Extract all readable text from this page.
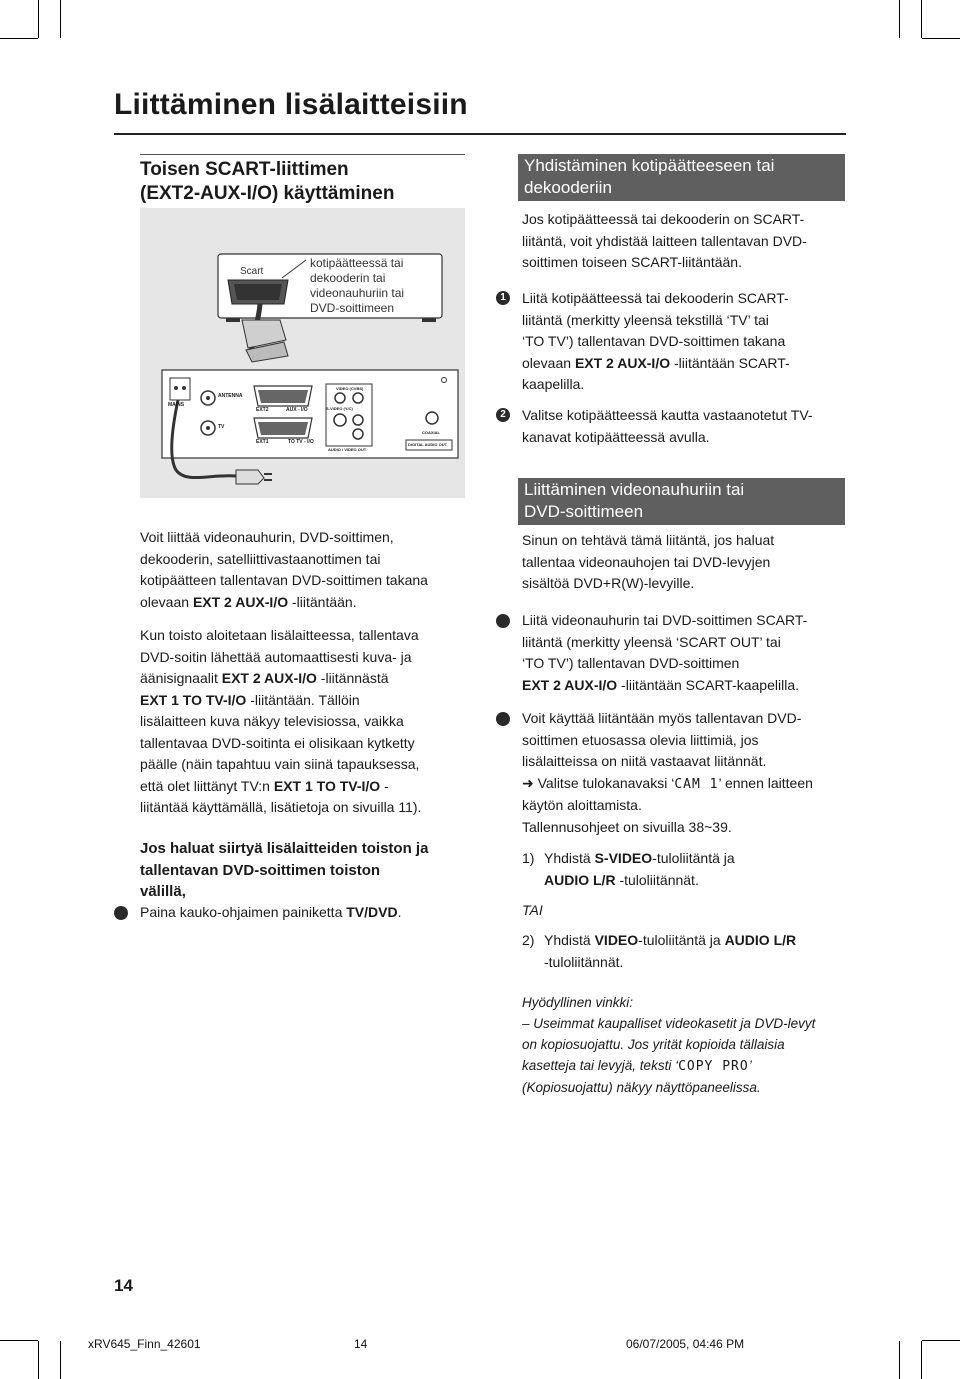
Liittäminen lisälaitteisiin
Toisen SCART-liittimen
(EXT2-AUX-I/O) käyttäminen
Scart
kotipäätteessä tai
dekooderin tai
videonauhuriin tai
DVD-soittimeen
MAINS
ANTENNA
TV
EXT2	AUX - I/O
EXT1	TO TV - I/O
VIDEO (CVBS)
S-VIDEO (Y/C)
AUDIO / VIDEO OUT
COAXIAL
DIGITAL AUDIO OUT
Voit liittää videonauhurin, DVD-soittimen,
dekooderin, satelliittivastaanottimen tai
kotipäätteen tallentavan DVD-soittimen takana
olevaan EXT 2 AUX-I/O -liitäntään.
Kun toisto aloitetaan lisälaitteessa, tallentava
DVD-soitin lähettää automaattisesti kuva- ja
äänisignaalit EXT 2 AUX-I/O -liitännästä
EXT 1 TO TV-I/O -liitäntään. Tällöin
lisälaitteen kuva näkyy televisiossa, vaikka
tallentavaa DVD-soitinta ei olisikaan kytketty
päälle (näin tapahtuu vain siinä tapauksessa,
että olet liittänyt TV:n EXT 1 TO TV-I/O -
liitäntää käyttämällä, lisätietoja on sivuilla 11).
Jos haluat siirtyä lisälaitteiden toiston ja
tallentavan DVD-soittimen toiston
välillä,
Paina kauko-ohjaimen painiketta TV/DVD.
Yhdistäminen kotipäätteeseen tai
dekooderiin
Jos kotipäätteessä tai dekooderin on SCART-
liitäntä, voit yhdistää laitteen tallentavan DVD-
soittimen toiseen SCART-liitäntään.
1	Liitä kotipäätteessä tai dekooderin SCART-
liitäntä (merkitty yleensä tekstillä ‘TV’ tai
‘TO TV’) tallentavan DVD-soittimen takana
olevaan EXT 2 AUX-I/O -liitäntään SCART-
kaapelilla.
2	Valitse kotipäätteessä kautta vastaanotetut TV-
kanavat kotipäätteessä avulla.
Liittäminen videonauhuriin tai
DVD-soittimeen
Sinun on tehtävä tämä liitäntä, jos haluat
tallentaa videonauhojen tai DVD-levyjen
sisältöä DVD+R(W)-levyille.
Liitä videonauhurin tai DVD-soittimen SCART-
liitäntä (merkitty yleensä ‘SCART OUT’ tai
‘TO TV’) tallentavan DVD-soittimen
EXT 2 AUX-I/O -liitäntään SCART-kaapelilla.
Voit käyttää liitäntään myös tallentavan DVD-
soittimen etuosassa olevia liittimiä, jos
lisälaitteissa on niitä vastaavat liitännät.
➜ Valitse tulokanavaksi ‘CAM 1’ ennen laitteen
käytön aloittamista.
Tallennusohjeet on sivuilla 38~39.
1) Yhdistä S-VIDEO-tuloliitäntä ja
AUDIO L/R -tuloliitännät.
TAI
2) Yhdistä VIDEO-tuloliitäntä ja AUDIO L/R
-tuloliitännät.
Hyödyllinen vinkki:
– Useimmat kaupalliset videokasetit ja DVD-levyt
on kopiosuojattu. Jos yrität kopioida tällaisia
kasetteja tai levyjä, teksti ‘COPY PRO’
(Kopiosuojattu) näkyy näyttöpaneelissa.
14
xRV645_Finn_42601	14	06/07/2005, 04:46 PM
